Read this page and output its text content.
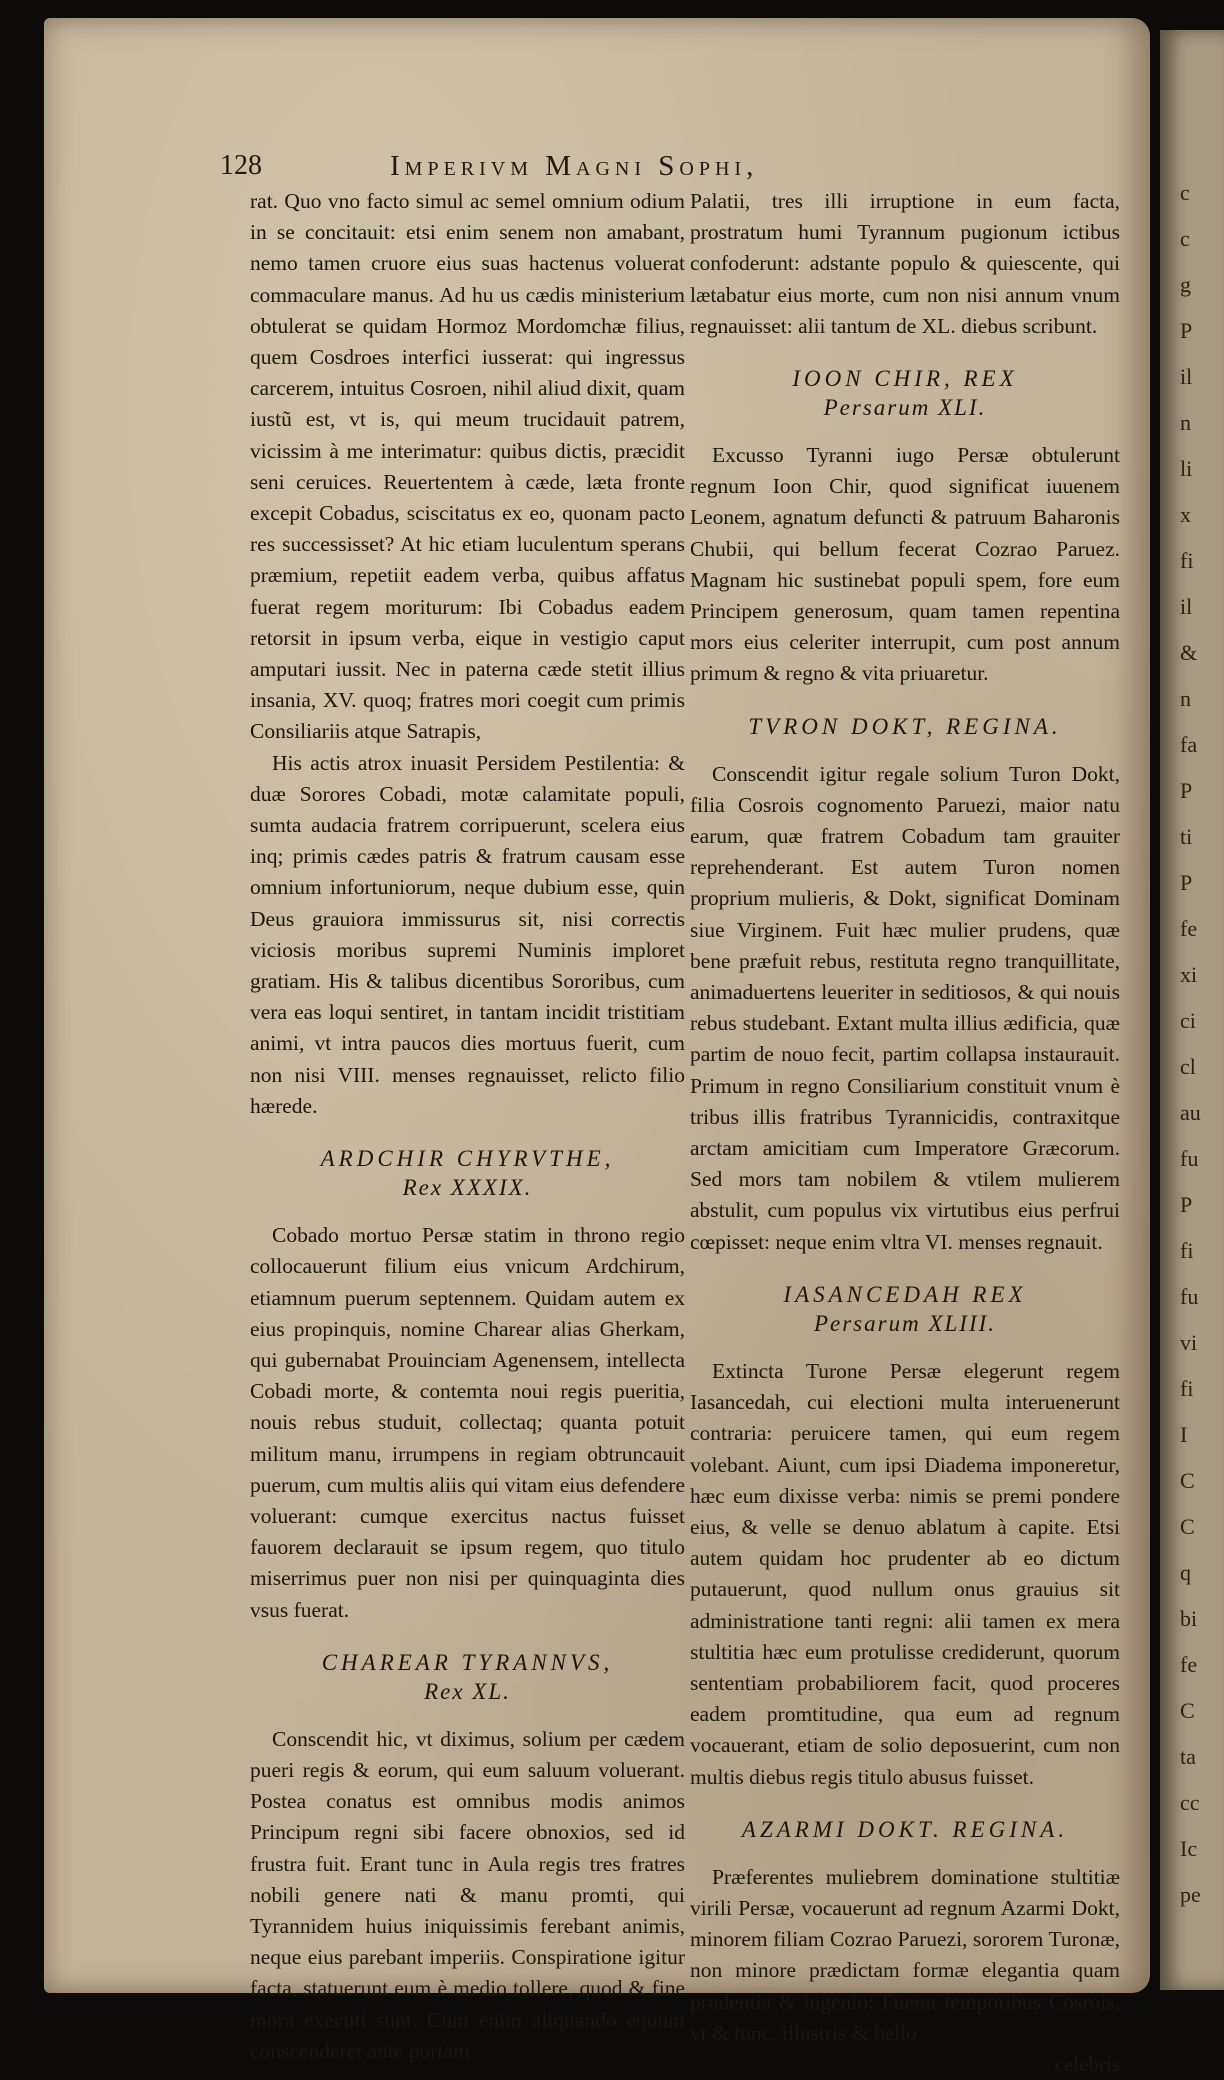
c
c
g
P
il
n
li
x
fi
il
&
n
fa
P
ti
P
fe
xi
ci
cl
au
fu
P
fi
fu
vi
fi
I
C
C
q
bi
fe
C
ta
cc
Ic
pe
128	Imperivm Magni Sophi,

rat. Quo vno facto simul ac semel omnium odium in se concitauit: etsi enim senem non amabant, nemo tamen cruore eius suas hactenus voluerat commaculare manus. Ad hu us cædis ministerium obtulerat se quidam Hormoz Mordomchæ filius, quem Cosdroes interfici iusserat: qui ingressus carcerem, intuitus Cosroen, nihil aliud dixit, quam iustũ est, vt is, qui meum trucidauit patrem, vicissim à me interimatur: quibus dictis, præcidit seni ceruices. Reuertentem à cæde, læta fronte excepit Cobadus, sciscitatus ex eo, quonam pacto res successisset? At hic etiam luculentum sperans præmium, repetiit eadem verba, quibus affatus fuerat regem moriturum: Ibi Cobadus eadem retorsit in ipsum verba, eique in vestigio caput amputari iussit. Nec in paterna cæde stetit illius insania, XV. quoq; fratres mori coegit cum primis Consiliariis atque Satrapis,

His actis atrox inuasit Persidem Pestilentia: & duæ Sorores Cobadi, motæ calamitate populi, sumta audacia fratrem corripuerunt, scelera eius inq; primis cædes patris & fratrum causam esse omnium infortuniorum, neque dubium esse, quin Deus grauiora immissurus sit, nisi correctis viciosis moribus supremi Numinis imploret gratiam. His & talibus dicentibus Sororibus, cum vera eas loqui sentiret, in tantam incidit tristitiam animi, vt intra paucos dies mortuus fuerit, cum non nisi VIII. menses regnauisset, relicto filio hærede.

ARDCHIR CHYRVTHE,
Rex XXXIX.

Cobado mortuo Persæ statim in throno regio collocauerunt filium eius vnicum Ardchirum, etiamnum puerum septennem. Quidam autem ex eius propinquis, nomine Charear alias Gherkam, qui gubernabat Prouinciam Agenensem, intellecta Cobadi morte, & contemta noui regis pueritia, nouis rebus studuit, collectaq; quanta potuit militum manu, irrumpens in regiam obtruncauit puerum, cum multis aliis qui vitam eius defendere voluerant: cumque exercitus nactus fuisset fauorem declarauit se ipsum regem, quo titulo miserrimus puer non nisi per quinquaginta dies vsus fuerat.

CHAREAR TYRANNVS,
Rex XL.

Conscendit hic, vt diximus, solium per cædem pueri regis & eorum, qui eum saluum voluerant. Postea conatus est omnibus modis animos Principum regni sibi facere obnoxios, sed id frustra fuit. Erant tunc in Aula regis tres fratres nobili genere nati & manu promti, qui Tyrannidem huius iniquissimis ferebant animis, neque eius parebant imperiis. Conspiratione igitur facta, statuerunt eum è medio tollere, quod & fine mora executi sunt. Cum enim aliquando equum conscenderet ante portam

Palatii, tres illi irruptione in eum facta, prostratum humi Tyrannum pugionum ictibus confoderunt: adstante populo & quiescente, qui lætabatur eius morte, cum non nisi annum vnum regnauisset: alii tantum de XL. diebus scribunt.

IOON CHIR, REX
Persarum XLI.

Excusso Tyranni iugo Persæ obtulerunt regnum Ioon Chir, quod significat iuuenem Leonem, agnatum defuncti & patruum Baharonis Chubii, qui bellum fecerat Cozrao Paruez. Magnam hic sustinebat populi spem, fore eum Principem generosum, quam tamen repentina mors eius celeriter interrupit, cum post annum primum & regno & vita priuaretur.

TVRON DOKT, REGINA.

Conscendit igitur regale solium Turon Dokt, filia Cosrois cognomento Paruezi, maior natu earum, quæ fratrem Cobadum tam grauiter reprehenderant. Est autem Turon nomen proprium mulieris, & Dokt, significat Dominam siue Virginem. Fuit hæc mulier prudens, quæ bene præfuit rebus, restituta regno tranquillitate, animaduertens leueriter in seditiosos, & qui nouis rebus studebant. Extant multa illius ædificia, quæ partim de nouo fecit, partim collapsa instaurauit. Primum in regno Consiliarium constituit vnum è tribus illis fratribus Tyrannicidis, contraxitque arctam amicitiam cum Imperatore Græcorum. Sed mors tam nobilem & vtilem mulierem abstulit, cum populus vix virtutibus eius perfrui cœpisset: neque enim vltra VI. menses regnauit.

IASANCEDAH REX
Persarum XLIII.

Extincta Turone Persæ elegerunt regem Iasancedah, cui electioni multa interuenerunt contraria: peruicere tamen, qui eum regem volebant. Aiunt, cum ipsi Diadema imponeretur, hæc eum dixisse verba: nimis se premi pondere eius, & velle se denuo ablatum à capite. Etsi autem quidam hoc prudenter ab eo dictum putauerunt, quod nullum onus grauius sit administratione tanti regni: alii tamen ex mera stultitia hæc eum protulisse crediderunt, quorum sententiam probabiliorem facit, quod proceres eadem promtitudine, qua eum ad regnum vocauerant, etiam de solio deposuerint, cum non multis diebus regis titulo abusus fuisset.

AZARMI DOKT. REGINA.

Præferentes muliebrem dominatione stultitiæ virili Persæ, vocauerunt ad regnum Azarmi Dokt, minorem filiam Cozrao Paruezi, sororem Turonæ, non minore prædictam formæ elegantia quam prudentia & ingenio: Fuerat temporibus Cosrois, vt & tunc, illustris & bello

celebris
